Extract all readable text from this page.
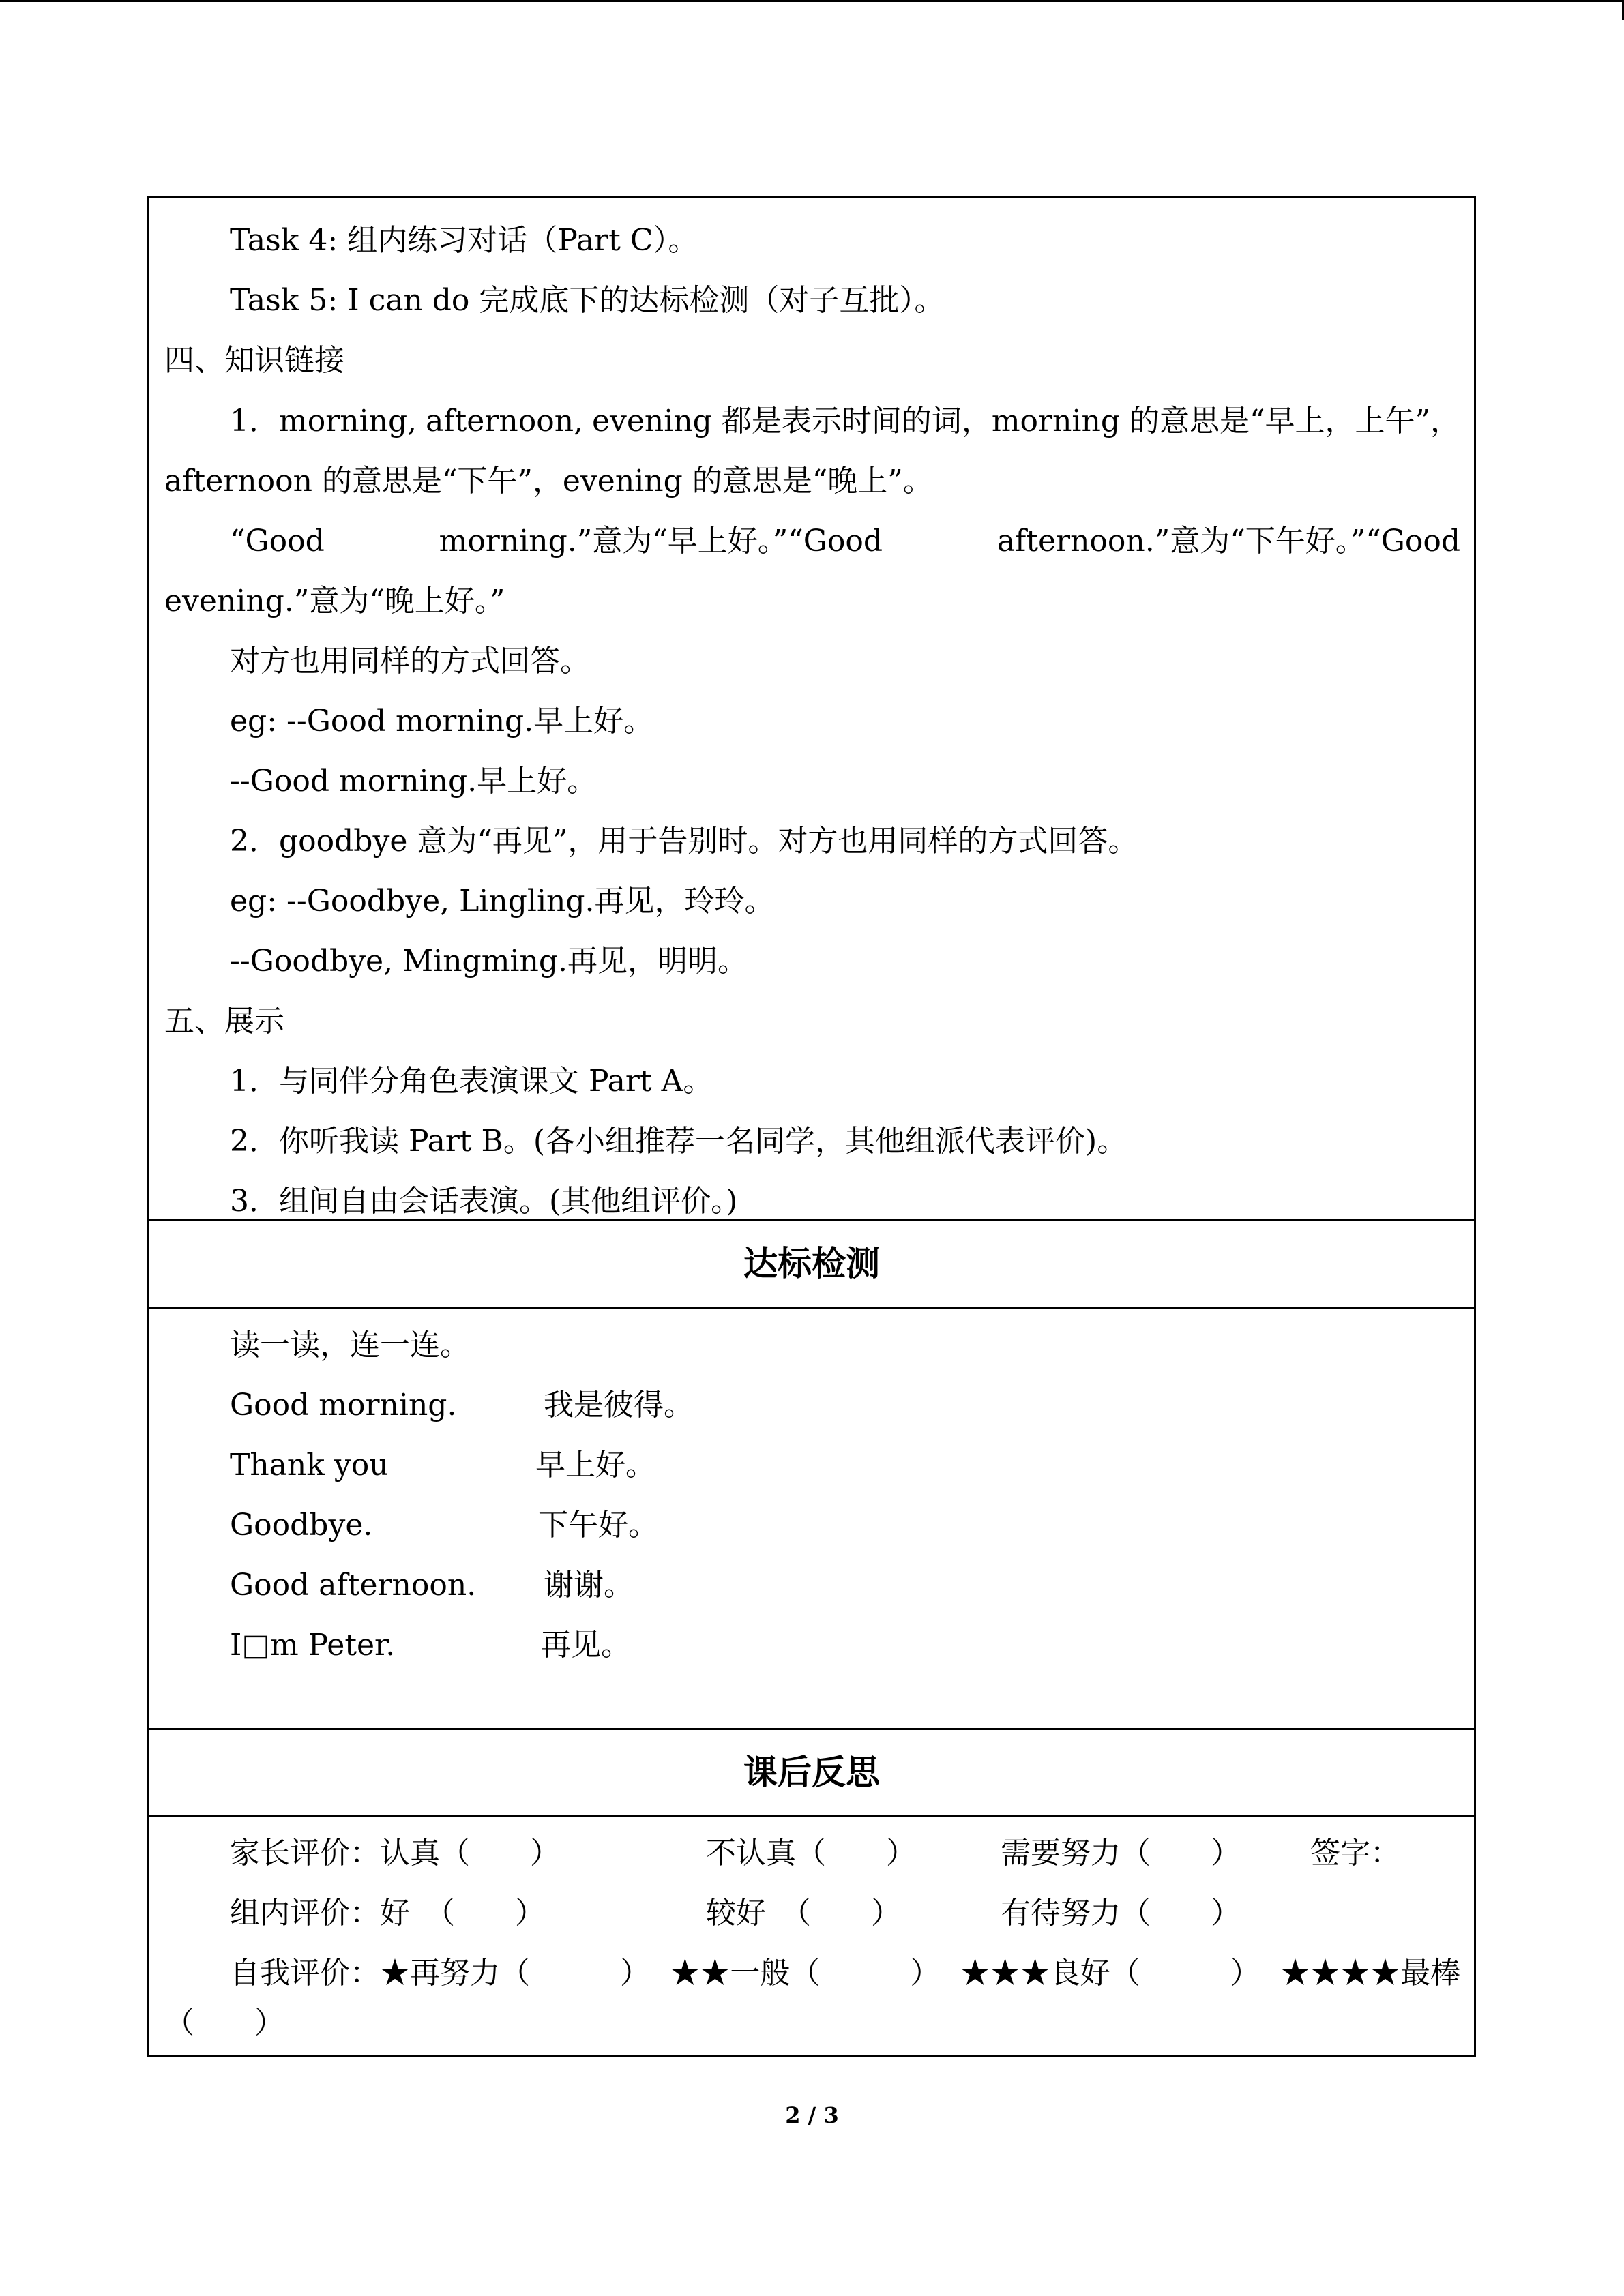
Task 4: 组内练习对话（Part C）。
Task 5: I can do 完成底下的达标检测（对子互批）。
四、知识链接
1．morning, afternoon, evening 都是表示时间的词，morning 的意思是“早上，上午”，
afternoon 的意思是“下午”，evening 的意思是“晚上”。
“Good	morning.”意为“早上好。”“Good	afternoon.”意为“下午好。”“Good
evening.”意为“晚上好。”
对方也用同样的方式回答。
eg: --Good morning.早上好。
--Good morning.早上好。
2．goodbye 意为“再见”，用于告别时。对方也用同样的方式回答。
eg: --Goodbye, Lingling.再见，玲玲。
--Goodbye, Mingming.再见，明明。
五、展示
1．与同伴分角色表演课文 Part A。
2．你听我读 Part B。(各小组推荐一名同学，其他组派代表评价)。
3．组间自由会话表演。(其他组评价。)
达标检测
读一读，连一连。
Good morning.	我是彼得。
Thank you	早上好。
Goodbye.	下午好。
Good afternoon. 谢谢。
I□m Peter.	再见。
课后反思
家长评价：认真（　　）	不认真（　　）	需要努力（　　） 签字：
组内评价：好　（　　）	较好　（　　）	有待努力（　　）
自我评价：★再努力（　　　） ★★一般（　　　） ★★★良好（　　　） ★★★★最棒
（　　）
2 / 3
